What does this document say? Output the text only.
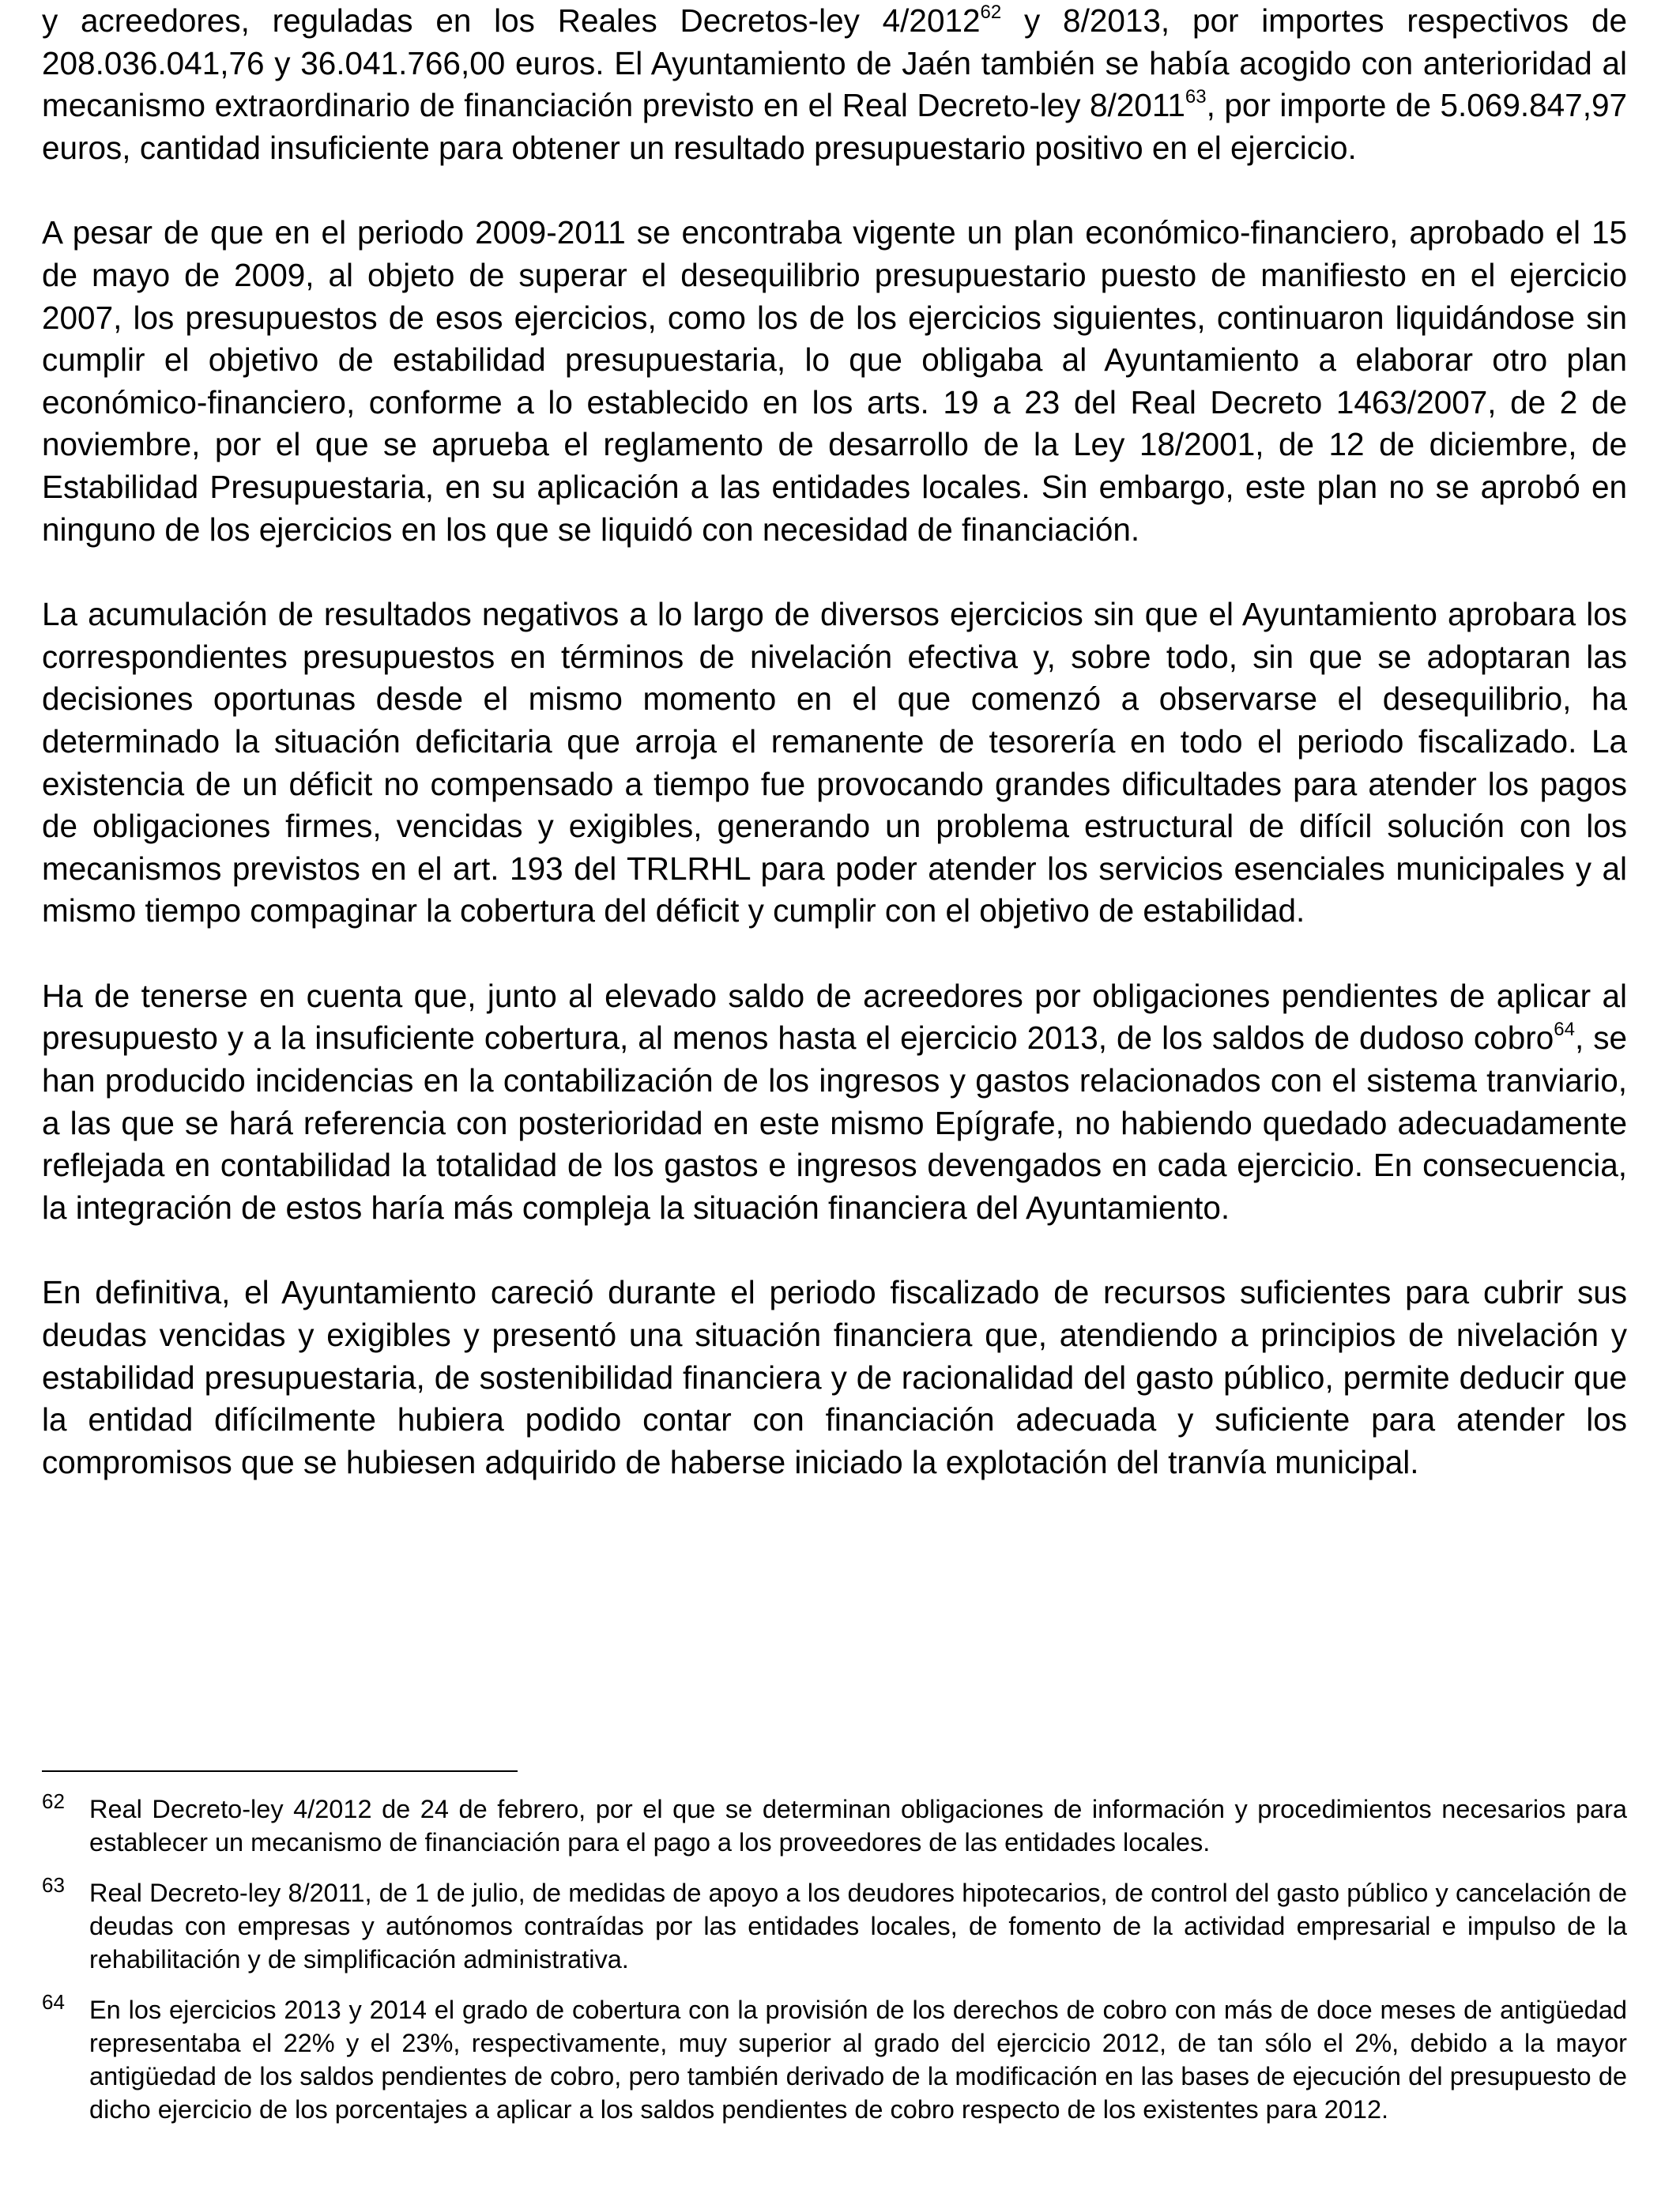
y acreedores, reguladas en los Reales Decretos-ley 4/2012$^{62}$ y 8/2013, por importes respectivos de 208.036.041,76 y 36.041.766,00 euros. El Ayuntamiento de Jaén también se había acogido con anterioridad al mecanismo extraordinario de financiación previsto en el Real Decreto-ley 8/2011$^{63}$, por importe de 5.069.847,97 euros, cantidad insuficiente para obtener un resultado presupuestario positivo en el ejercicio.

A pesar de que en el periodo 2009-2011 se encontraba vigente un plan económico-financiero, aprobado el 15 de mayo de 2009, al objeto de superar el desequilibrio presupuestario puesto de manifiesto en el ejercicio 2007, los presupuestos de esos ejercicios, como los de los ejercicios siguientes, continuaron liquidándose sin cumplir el objetivo de estabilidad presupuestaria, lo que obligaba al Ayuntamiento a elaborar otro plan económico-financiero, conforme a lo establecido en los arts. 19 a 23 del Real Decreto 1463/2007, de 2 de noviembre, por el que se aprueba el reglamento de desarrollo de la Ley 18/2001, de 12 de diciembre, de Estabilidad Presupuestaria, en su aplicación a las entidades locales. Sin embargo, este plan no se aprobó en ninguno de los ejercicios en los que se liquidó con necesidad de financiación.

La acumulación de resultados negativos a lo largo de diversos ejercicios sin que el Ayuntamiento aprobara los correspondientes presupuestos en términos de nivelación efectiva y, sobre todo, sin que se adoptaran las decisiones oportunas desde el mismo momento en el que comenzó a observarse el desequilibrio, ha determinado la situación deficitaria que arroja el remanente de tesorería en todo el periodo fiscalizado. La existencia de un déficit no compensado a tiempo fue provocando grandes dificultades para atender los pagos de obligaciones firmes, vencidas y exigibles, generando un problema estructural de difícil solución con los mecanismos previstos en el art. 193 del TRLRHL para poder atender los servicios esenciales municipales y al mismo tiempo compaginar la cobertura del déficit y cumplir con el objetivo de estabilidad.

Ha de tenerse en cuenta que, junto al elevado saldo de acreedores por obligaciones pendientes de aplicar al presupuesto y a la insuficiente cobertura, al menos hasta el ejercicio 2013, de los saldos de dudoso cobro$^{64}$, se han producido incidencias en la contabilización de los ingresos y gastos relacionados con el sistema tranviario, a las que se hará referencia con posterioridad en este mismo Epígrafe, no habiendo quedado adecuadamente reflejada en contabilidad la totalidad de los gastos e ingresos devengados en cada ejercicio. En consecuencia, la integración de estos haría más compleja la situación financiera del Ayuntamiento.

En definitiva, el Ayuntamiento careció durante el periodo fiscalizado de recursos suficientes para cubrir sus deudas vencidas y exigibles y presentó una situación financiera que, atendiendo a principios de nivelación y estabilidad presupuestaria, de sostenibilidad financiera y de racionalidad del gasto público, permite deducir que la entidad difícilmente hubiera podido contar con financiación adecuada y suficiente para atender los compromisos que se hubiesen adquirido de haberse iniciado la explotación del tranvía municipal.

62 Real Decreto-ley 4/2012 de 24 de febrero, por el que se determinan obligaciones de información y procedimientos necesarios para establecer un mecanismo de financiación para el pago a los proveedores de las entidades locales.

63 Real Decreto-ley 8/2011, de 1 de julio, de medidas de apoyo a los deudores hipotecarios, de control del gasto público y cancelación de deudas con empresas y autónomos contraídas por las entidades locales, de fomento de la actividad empresarial e impulso de la rehabilitación y de simplificación administrativa.

64 En los ejercicios 2013 y 2014 el grado de cobertura con la provisión de los derechos de cobro con más de doce meses de antigüedad representaba el 22% y el 23%, respectivamente, muy superior al grado del ejercicio 2012, de tan sólo el 2%, debido a la mayor antigüedad de los saldos pendientes de cobro, pero también derivado de la modificación en las bases de ejecución del presupuesto de dicho ejercicio de los porcentajes a aplicar a los saldos pendientes de cobro respecto de los existentes para 2012.
